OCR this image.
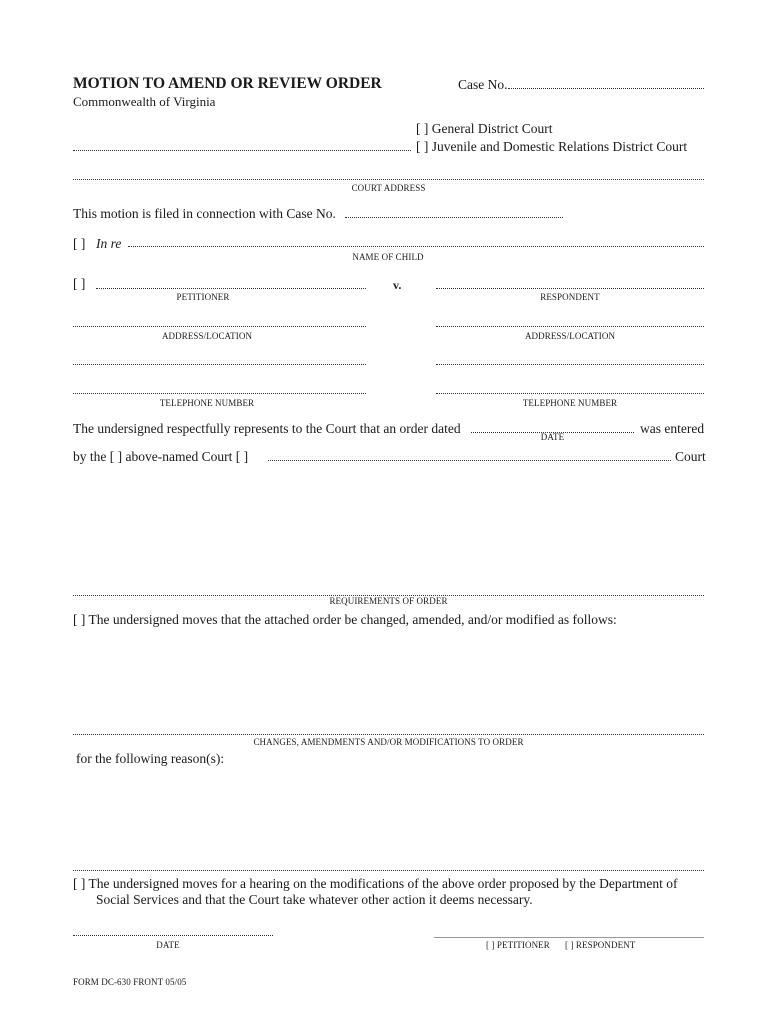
MOTION TO AMEND OR REVIEW ORDER
Commonwealth of Virginia
Case No.
[ ] General District Court
[ ] Juvenile and Domestic Relations District Court
COURT ADDRESS
This motion is filed in connection with Case No.
[ ] In re
NAME OF CHILD
[ ]	v.
PETITIONER	RESPONDENT
ADDRESS/LOCATION	ADDRESS/LOCATION
TELEPHONE NUMBER	TELEPHONE NUMBER
The undersigned respectfully represents to the Court that an order dated
DATE
was entered
by the [ ] above-named Court [ ]	Court
REQUIREMENTS OF ORDER
[ ] The undersigned moves that the attached order be changed, amended, and/or modified as follows:
CHANGES, AMENDMENTS AND/OR MODIFICATIONS TO ORDER
for the following reason(s):
[ ] The undersigned moves for a hearing on the modifications of the above order proposed by the Department of
Social Services and that the Court take whatever other action it deems necessary.
DATE	[ ] PETITIONER [ ] RESPONDENT
FORM DC-630 FRONT 05/05
